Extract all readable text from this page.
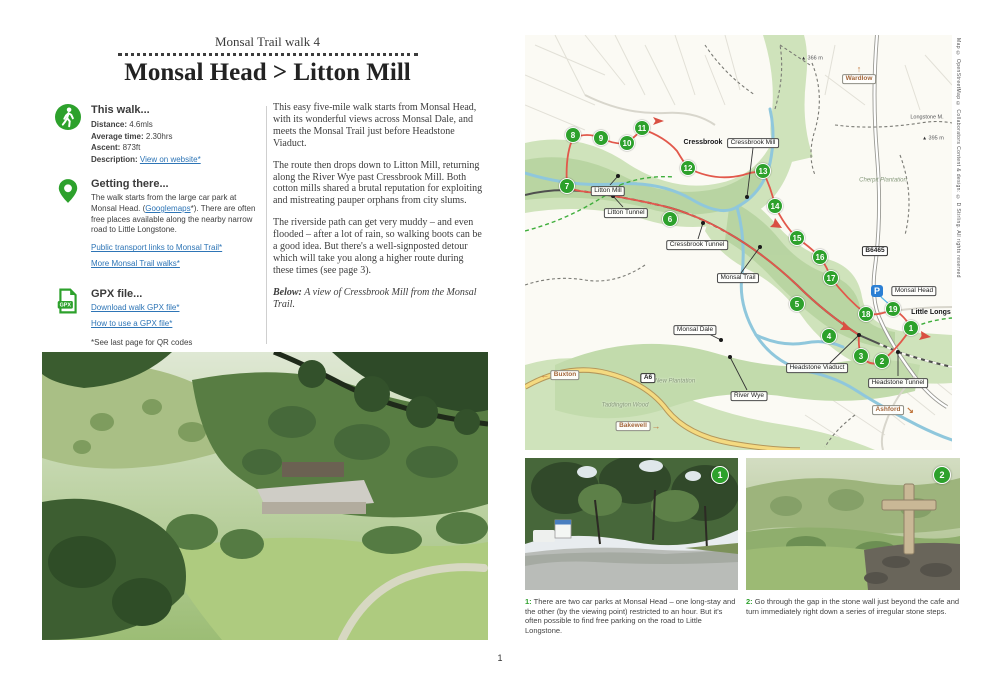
Monsal Trail walk 4
Monsal Head > Litton Mill
This walk...
Distance: 4.6mls
Average time: 2.30hrs
Ascent: 873ft
Description: View on website*
Getting there...

The walk starts from the large car park at Monsal Head. (Googlemaps*). There are often free places available along the nearby narrow road to Little Longstone.

Public transport links to Monsal Trail*
More Monsal Trail walks*
GPX
GPX file...
Download walk GPX file*
How to use a GPX file*
*See last page for QR codes

This easy five-mile walk starts from Monsal Head, with its wonderful views across Monsal Dale, and meets the Monsal Trail just before Headstone Viaduct.

The route then drops down to Litton Mill, returning along the River Wye past Cressbrook Mill. Both cotton mills shared a brutal reputation for exploiting and mistreating pauper orphans from city slums.

The riverside path can get very muddy – and even flooded – after a lot of rain, so walking boots can be a good idea. But there's a well-signposted detour which will take you along a higher route during these times (see page 3).

Below: A view of Cressbrook Mill from the Monsal Trail.

Litton Mill
Litton Tunnel
Cressbrook Tunnel
Monsal Trail
Cressbrook Mill
Cressbrook
Monsal Dale
River Wye
Headstone Viaduct
Headstone Tunnel
Monsal Head
Little Longs
A6
B6465
Buxton
←
Bakewell →
Ashford ↘
Wardlow
↑
▲ 366 m
▲ 395 m
Longstone M.
Cherpit Plantation
New Plantation
Taddington Wood
1
2
3
4
5
6
7
8	9
10
11
12	13
14
15
16
17
18
19
P
Map © OpenStreetMap © Collaborators Content & design: © D Stirling. All rights reserved
1	2

1: There are two car parks at Monsal Head – one long-stay and the other (by the viewing point) restricted to an hour. But it's often possible to find free parking on the road to Little Longstone.

2: Go through the gap in the stone wall just beyond the cafe and turn immediately right down a series of irregular stone steps.

1
